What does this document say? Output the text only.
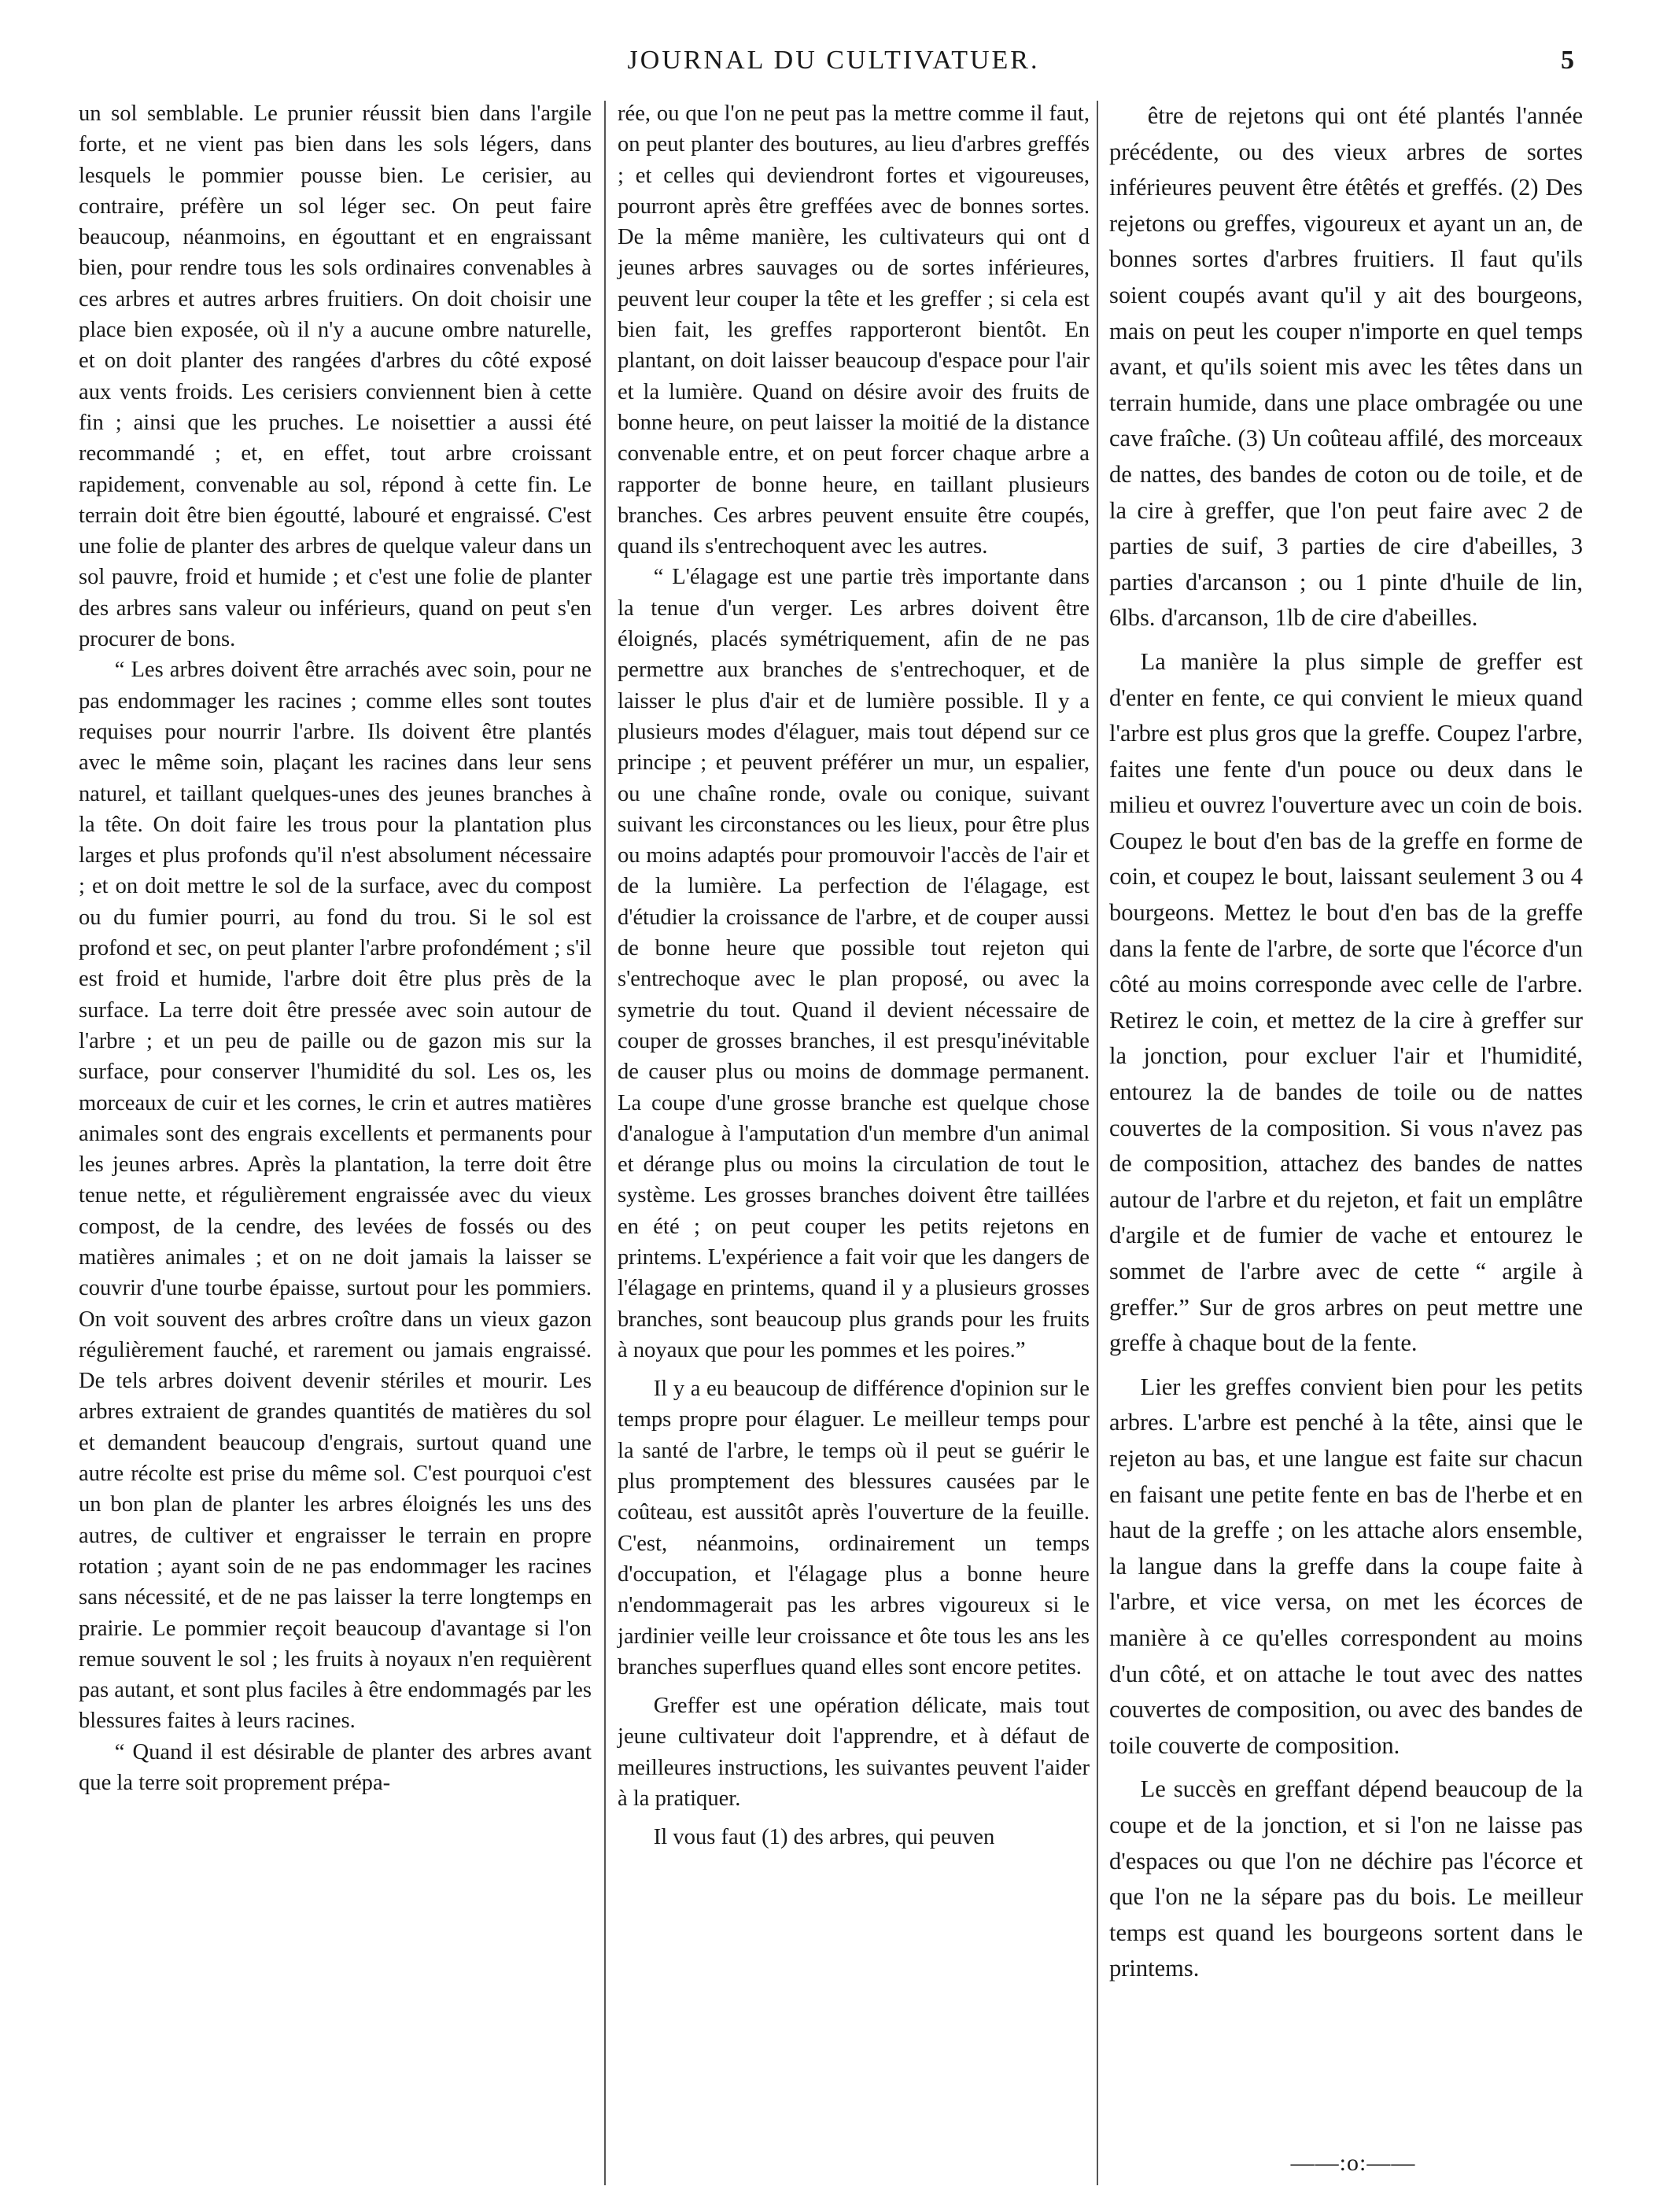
JOURNAL DU CULTIVATUER.	5

un sol semblable. Le prunier réussit bien dans l'argile forte, et ne vient pas bien dans les sols légers, dans lesquels le pommier pousse bien. Le cerisier, au contraire, préfère un sol léger sec. On peut faire beaucoup, néanmoins, en égouttant et en engraissant bien, pour rendre tous les sols ordinaires convenables à ces arbres et autres arbres fruitiers. On doit choisir une place bien exposée, où il n'y a aucune ombre naturelle, et on doit planter des rangées d'arbres du côté exposé aux vents froids. Les cerisiers conviennent bien à cette fin ; ainsi que les pruches. Le noisettier a aussi été recommandé ; et, en effet, tout arbre croissant rapidement, convenable au sol, répond à cette fin. Le terrain doit être bien égoutté, labouré et engraissé. C'est une folie de planter des arbres de quelque valeur dans un sol pauvre, froid et humide ; et c'est une folie de planter des arbres sans valeur ou inférieurs, quand on peut s'en procurer de bons.

“ Les arbres doivent être arrachés avec soin, pour ne pas endommager les racines ; comme elles sont toutes requises pour nourrir l'arbre. Ils doivent être plantés avec le même soin, plaçant les racines dans leur sens naturel, et taillant quelques-unes des jeunes branches à la tête. On doit faire les trous pour la plantation plus larges et plus profonds qu'il n'est absolument nécessaire ; et on doit mettre le sol de la surface, avec du compost ou du fumier pourri, au fond du trou. Si le sol est profond et sec, on peut planter l'arbre profondément ; s'il est froid et humide, l'arbre doit être plus près de la surface. La terre doit être pressée avec soin autour de l'arbre ; et un peu de paille ou de gazon mis sur la surface, pour conserver l'humidité du sol. Les os, les morceaux de cuir et les cornes, le crin et autres matières animales sont des engrais excellents et permanents pour les jeunes arbres. Après la plantation, la terre doit être tenue nette, et régulièrement engraissée avec du vieux compost, de la cendre, des levées de fossés ou des matières animales ; et on ne doit jamais la laisser se couvrir d'une tourbe épaisse, surtout pour les pommiers. On voit souvent des arbres croître dans un vieux gazon régulièrement fauché, et rarement ou jamais engraissé. De tels arbres doivent devenir stériles et mourir. Les arbres extraient de grandes quantités de matières du sol et demandent beaucoup d'engrais, surtout quand une autre récolte est prise du même sol. C'est pourquoi c'est un bon plan de planter les arbres éloignés les uns des autres, de cultiver et engraisser le terrain en propre rotation ; ayant soin de ne pas endommager les racines sans nécessité, et de ne pas laisser la terre longtemps en prairie. Le pommier reçoit beaucoup d'avantage si l'on remue souvent le sol ; les fruits à noyaux n'en requièrent pas autant, et sont plus faciles à être endommagés par les blessures faites à leurs racines.

“ Quand il est désirable de planter des arbres avant que la terre soit proprement prépa-

rée, ou que l'on ne peut pas la mettre comme il faut, on peut planter des boutures, au lieu d'arbres greffés ; et celles qui deviendront fortes et vigoureuses, pourront après être greffées avec de bonnes sortes. De la même manière, les cultivateurs qui ont d jeunes arbres sauvages ou de sortes inférieures, peuvent leur couper la tête et les greffer ; si cela est bien fait, les greffes rapporteront bientôt. En plantant, on doit laisser beaucoup d'espace pour l'air et la lumière. Quand on désire avoir des fruits de bonne heure, on peut laisser la moitié de la distance convenable entre, et on peut forcer chaque arbre a rapporter de bonne heure, en taillant plusieurs branches. Ces arbres peuvent ensuite être coupés, quand ils s'entrechoquent avec les autres.

“ L'élagage est une partie très importante dans la tenue d'un verger. Les arbres doivent être éloignés, placés symétriquement, afin de ne pas permettre aux branches de s'entrechoquer, et de laisser le plus d'air et de lumière possible. Il y a plusieurs modes d'élaguer, mais tout dépend sur ce principe ; et peuvent préférer un mur, un espalier, ou une chaîne ronde, ovale ou conique, suivant suivant les circonstances ou les lieux, pour être plus ou moins adaptés pour promouvoir l'accès de l'air et de la lumière. La perfection de l'élagage, est d'étudier la croissance de l'arbre, et de couper aussi de bonne heure que possible tout rejeton qui s'entrechoque avec le plan proposé, ou avec la symetrie du tout. Quand il devient nécessaire de couper de grosses branches, il est presqu'inévitable de causer plus ou moins de dommage permanent. La coupe d'une grosse branche est quelque chose d'analogue à l'amputation d'un membre d'un animal et dérange plus ou moins la circulation de tout le système. Les grosses branches doivent être taillées en été ; on peut couper les petits rejetons en printems. L'expérience a fait voir que les dangers de l'élagage en printems, quand il y a plusieurs grosses branches, sont beaucoup plus grands pour les fruits à noyaux que pour les pommes et les poires.”

Il y a eu beaucoup de différence d'opinion sur le temps propre pour élaguer. Le meilleur temps pour la santé de l'arbre, le temps où il peut se guérir le plus promptement des blessures causées par le coûteau, est aussitôt après l'ouverture de la feuille. C'est, néanmoins, ordinairement un temps d'occupation, et l'élagage plus a bonne heure n'endommagerait pas les arbres vigoureux si le jardinier veille leur croissance et ôte tous les ans les branches superflues quand elles sont encore petites.

Greffer est une opération délicate, mais tout jeune cultivateur doit l'apprendre, et à défaut de meilleures instructions, les suivantes peuvent l'aider à la pratiquer.

Il vous faut (1) des arbres, qui peuven

être de rejetons qui ont été plantés l'année précédente, ou des vieux arbres de sortes inférieures peuvent être étêtés et greffés. (2) Des rejetons ou greffes, vigoureux et ayant un an, de bonnes sortes d'arbres fruitiers. Il faut qu'ils soient coupés avant qu'il y ait des bourgeons, mais on peut les couper n'importe en quel temps avant, et qu'ils soient mis avec les têtes dans un terrain humide, dans une place ombragée ou une cave fraîche. (3) Un coûteau affilé, des morceaux de nattes, des bandes de coton ou de toile, et de la cire à greffer, que l'on peut faire avec 2 de parties de suif, 3 parties de cire d'abeilles, 3 parties d'arcanson ; ou 1 pinte d'huile de lin, 6lbs. d'arcanson, 1lb de cire d'abeilles.

La manière la plus simple de greffer est d'enter en fente, ce qui convient le mieux quand l'arbre est plus gros que la greffe. Coupez l'arbre, faites une fente d'un pouce ou deux dans le milieu et ouvrez l'ouverture avec un coin de bois. Coupez le bout d'en bas de la greffe en forme de coin, et coupez le bout, laissant seulement 3 ou 4 bourgeons. Mettez le bout d'en bas de la greffe dans la fente de l'arbre, de sorte que l'écorce d'un côté au moins corresponde avec celle de l'arbre. Retirez le coin, et mettez de la cire à greffer sur la jonction, pour excluer l'air et l'humidité, entourez la de bandes de toile ou de nattes couvertes de la composition. Si vous n'avez pas de composition, attachez des bandes de nattes autour de l'arbre et du rejeton, et fait un emplâtre d'argile et de fumier de vache et entourez le sommet de l'arbre avec de cette “ argile à greffer.” Sur de gros arbres on peut mettre une greffe à chaque bout de la fente.

Lier les greffes convient bien pour les petits arbres. L'arbre est penché à la tête, ainsi que le rejeton au bas, et une langue est faite sur chacun en faisant une petite fente en bas de l'herbe et en haut de la greffe ; on les attache alors ensemble, la langue dans la greffe dans la coupe faite à l'arbre, et vice versa, on met les écorces de manière à ce qu'elles correspondent au moins d'un côté, et on attache le tout avec des nattes couvertes de composition, ou avec des bandes de toile couverte de composition.

Le succès en greffant dépend beaucoup de la coupe et de la jonction, et si l'on ne laisse pas d'espaces ou que l'on ne déchire pas l'écorce et que l'on ne la sépare pas du bois. Le meilleur temps est quand les bourgeons sortent dans le printems.

——:o:——
